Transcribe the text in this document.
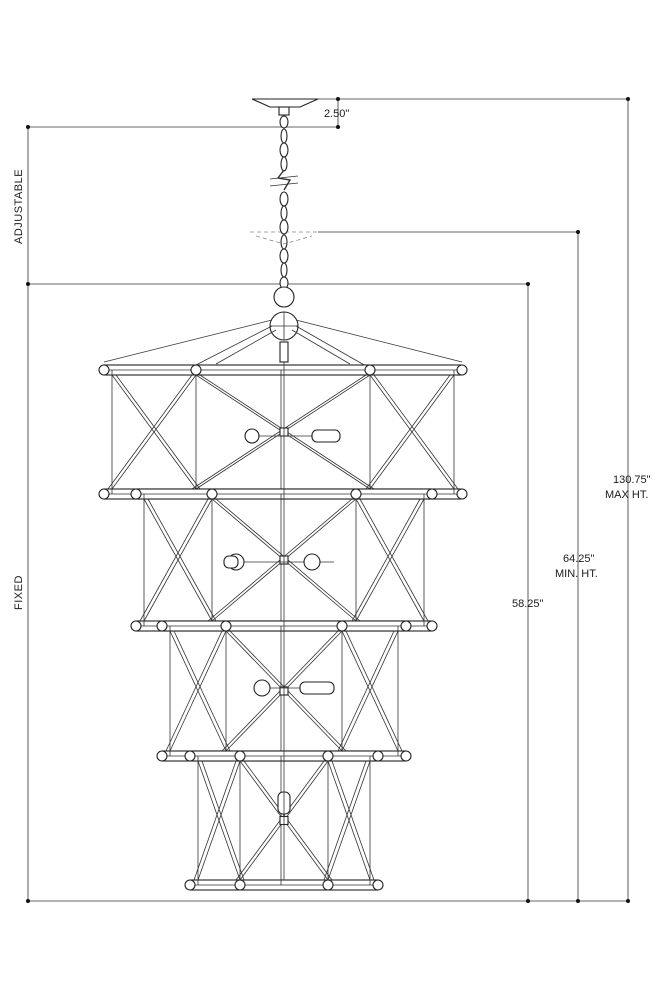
2.50"
130.75"
MAX HT.
64.25"
MIN. HT.
58.25"
ADJUSTABLE
FIXED
